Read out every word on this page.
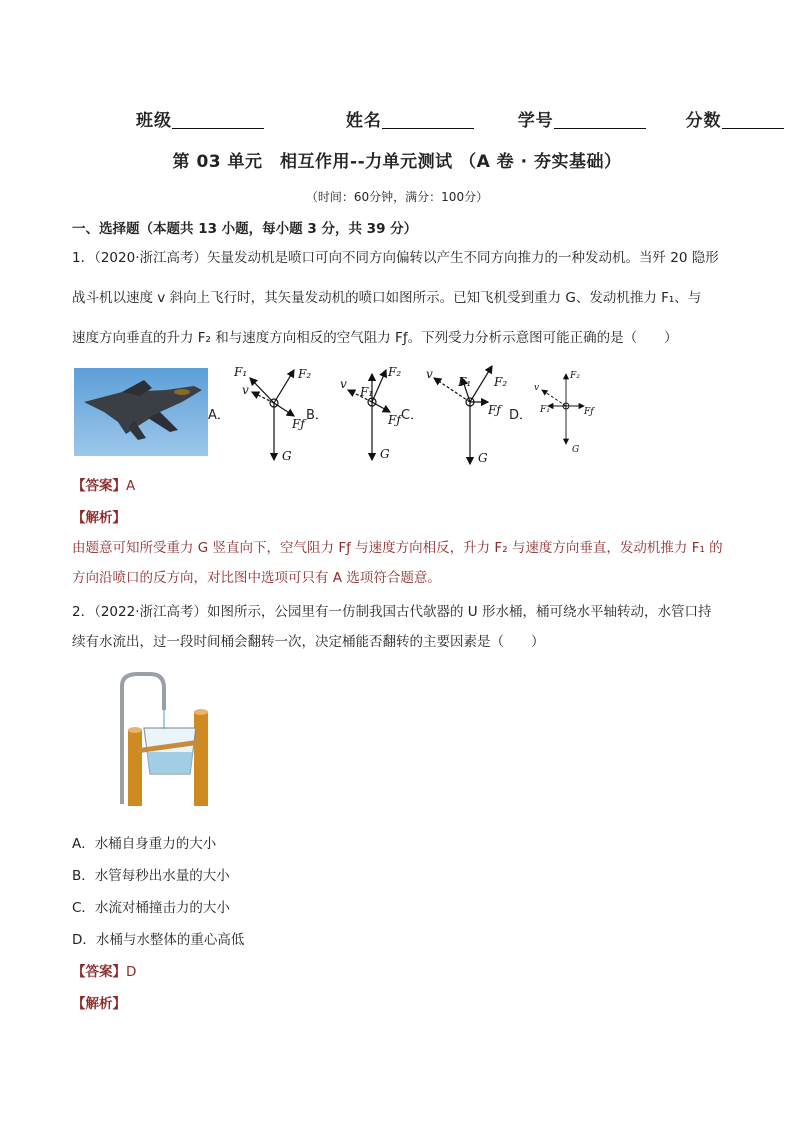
班级	姓名	学号	分数
第 03 单元　相互作用--力单元测试 （A 卷 · 夯实基础）
（时间：60分钟，满分：100分）
一、选择题（本题共 13 小题，每小题 3 分，共 39 分）
1．（2020·浙江高考）矢量发动机是喷口可向不同方向偏转以产生不同方向推力的一种发动机。当歼 20 隐形
战斗机以速度 v 斜向上飞行时，其矢量发动机的喷口如图所示。已知飞机受到重力 G、发动机推力 F₁、与
速度方向垂直的升力 F₂ 和与速度方向相反的空气阻力 Fƒ。下列受力分析示意图可能正确的是（　　）
A．	B．	C．	D．
F₁
v
F₂
Fƒ
G
F₁
v
F₂
Fƒ
G
F₁
v
F₂
Fƒ
G
F₂
F₁	Fƒ
v
G
【答案】A
【解析】
由题意可知所受重力 G 竖直向下，空气阻力 Fƒ 与速度方向相反，升力 F₂ 与速度方向垂直，发动机推力 F₁ 的
方向沿喷口的反方向，对比图中选项可只有 A 选项符合题意。
2．（2022·浙江高考）如图所示，公园里有一仿制我国古代欹器的 U 形水桶，桶可绕水平轴转动，水管口持
续有水流出，过一段时间桶会翻转一次，决定桶能否翻转的主要因素是（　　）
A．水桶自身重力的大小
B．水管每秒出水量的大小
C．水流对桶撞击力的大小
D．水桶与水整体的重心高低
【答案】D
【解析】
